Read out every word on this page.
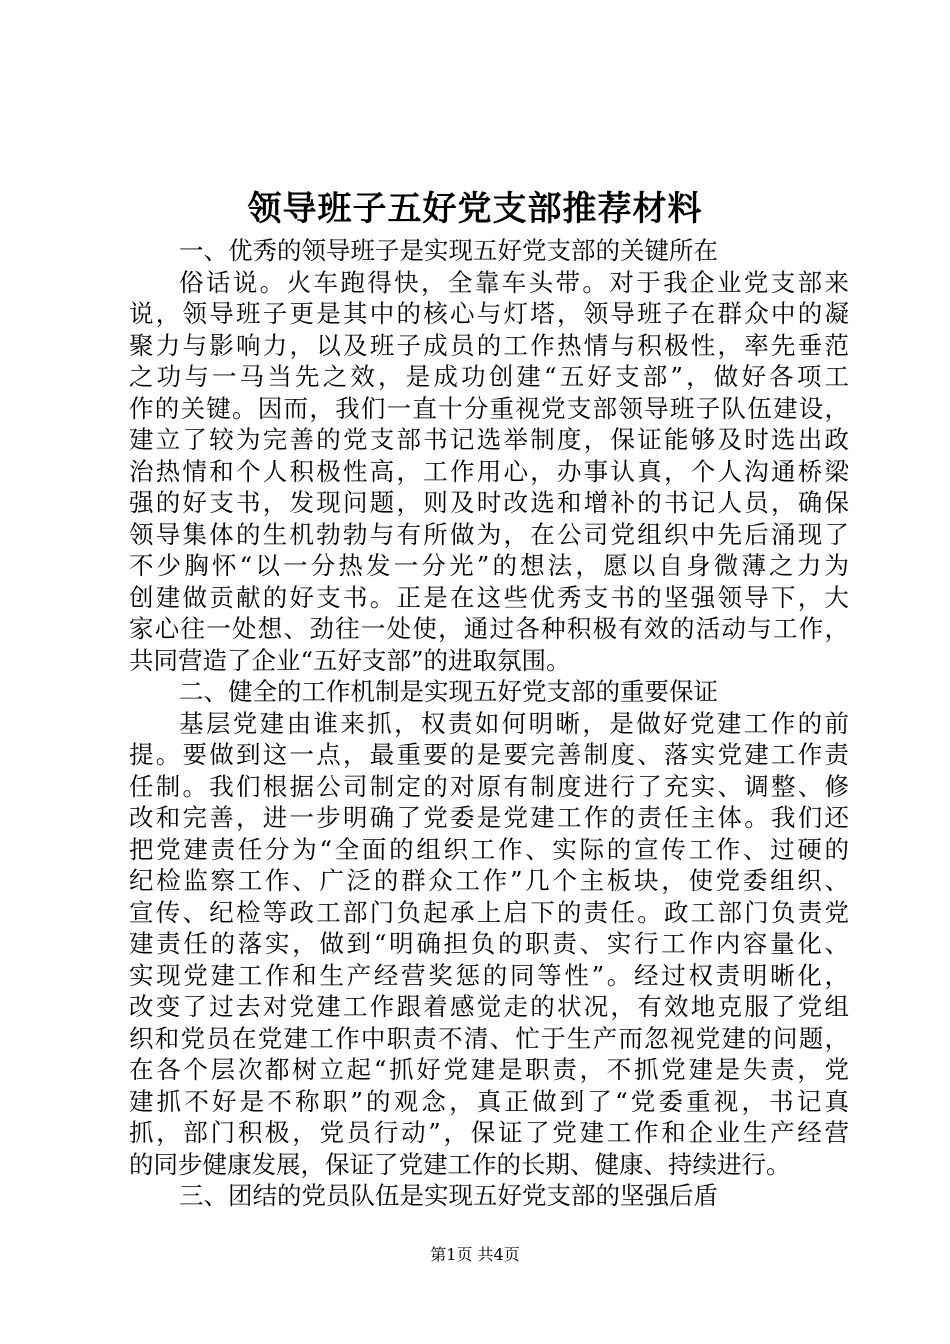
领导班子五好党支部推荐材料
一、优秀的领导班子是实现五好党支部的关键所在
俗话说。火车跑得快，全靠车头带。对于我企业党支部来
说，领导班子更是其中的核心与灯塔，领导班子在群众中的凝
聚力与影响力，以及班子成员的工作热情与积极性，率先垂范
之功与一马当先之效，是成功创建“五好支部”，做好各项工
作的关键。因而，我们一直十分重视党支部领导班子队伍建设，
建立了较为完善的党支部书记选举制度，保证能够及时选出政
治热情和个人积极性高，工作用心，办事认真，个人沟通桥梁
强的好支书，发现问题，则及时改选和增补的书记人员，确保
领导集体的生机勃勃与有所做为，在公司党组织中先后涌现了
不少胸怀“以一分热发一分光”的想法，愿以自身微薄之力为
创建做贡献的好支书。正是在这些优秀支书的坚强领导下，大
家心往一处想、劲往一处使，通过各种积极有效的活动与工作，
共同营造了企业“五好支部”的进取氛围。
二、健全的工作机制是实现五好党支部的重要保证
基层党建由谁来抓，权责如何明晰，是做好党建工作的前
提。要做到这一点，最重要的是要完善制度、落实党建工作责
任制。我们根据公司制定的对原有制度进行了充实、调整、修
改和完善，进一步明确了党委是党建工作的责任主体。我们还
把党建责任分为“全面的组织工作、实际的宣传工作、过硬的
纪检监察工作、广泛的群众工作”几个主板块，使党委组织、
宣传、纪检等政工部门负起承上启下的责任。政工部门负责党
建责任的落实，做到“明确担负的职责、实行工作内容量化、
实现党建工作和生产经营奖惩的同等性”。经过权责明晰化，
改变了过去对党建工作跟着感觉走的状况，有效地克服了党组
织和党员在党建工作中职责不清、忙于生产而忽视党建的问题，
在各个层次都树立起“抓好党建是职责，不抓党建是失责，党
建抓不好是不称职”的观念，真正做到了“党委重视，书记真
抓，部门积极，党员行动”，保证了党建工作和企业生产经营
的同步健康发展，保证了党建工作的长期、健康、持续进行。
三、团结的党员队伍是实现五好党支部的坚强后盾
第1页 共4页
